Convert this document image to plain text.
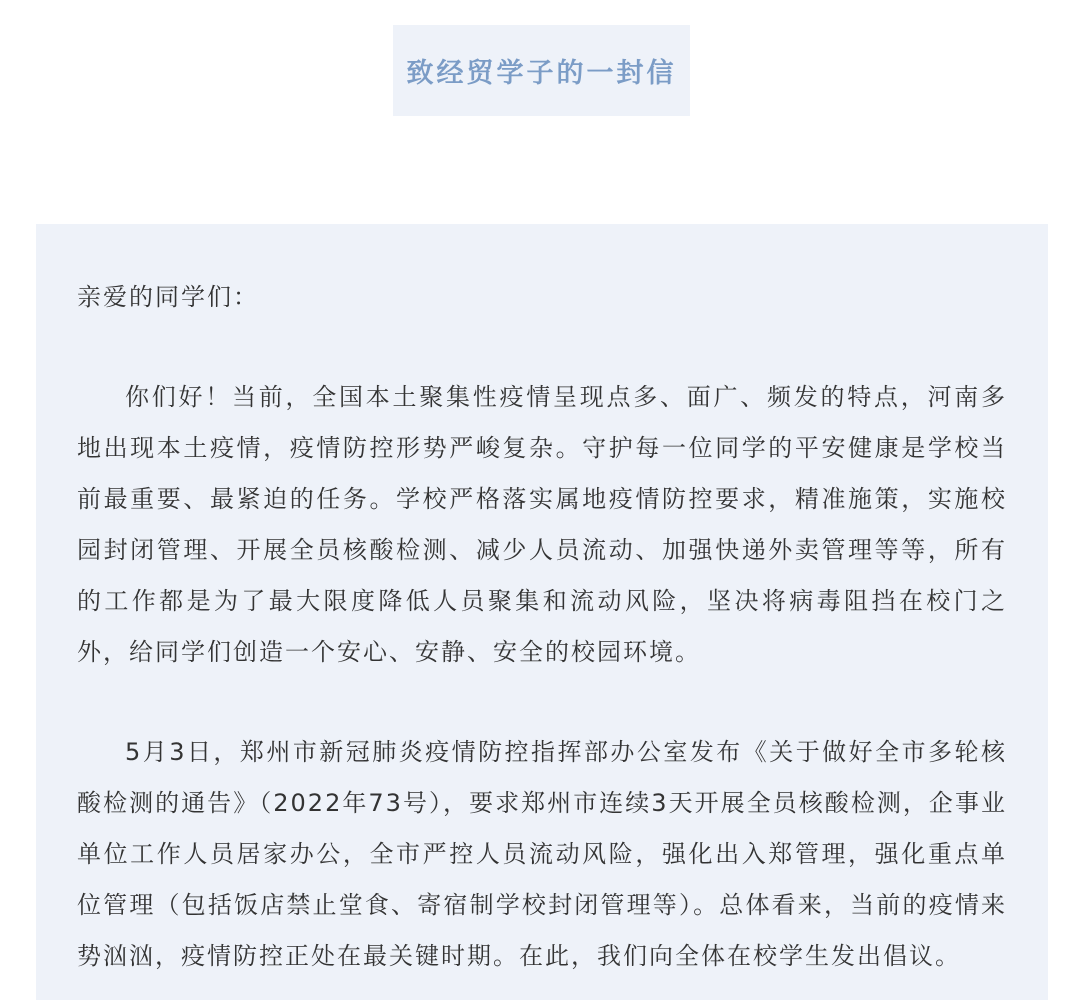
致经贸学子的一封信

亲爱的同学们：

你们好！当前，全国本土聚集性疫情呈现点多、面广、频发的特点，河南多地出现本土疫情，疫情防控形势严峻复杂。守护每一位同学的平安健康是学校当前最重要、最紧迫的任务。学校严格落实属地疫情防控要求，精准施策，实施校园封闭管理、开展全员核酸检测、减少人员流动、加强快递外卖管理等等，所有的工作都是为了最大限度降低人员聚集和流动风险，坚决将病毒阻挡在校门之外，给同学们创造一个安心、安静、安全的校园环境。

5月3日，郑州市新冠肺炎疫情防控指挥部办公室发布《关于做好全市多轮核酸检测的通告》（2022年73号），要求郑州市连续3天开展全员核酸检测，企事业单位工作人员居家办公，全市严控人员流动风险，强化出入郑管理，强化重点单位管理（包括饭店禁止堂食、寄宿制学校封闭管理等）。总体看来，当前的疫情来势汹汹，疫情防控正处在最关键时期。在此，我们向全体在校学生发出倡议。
